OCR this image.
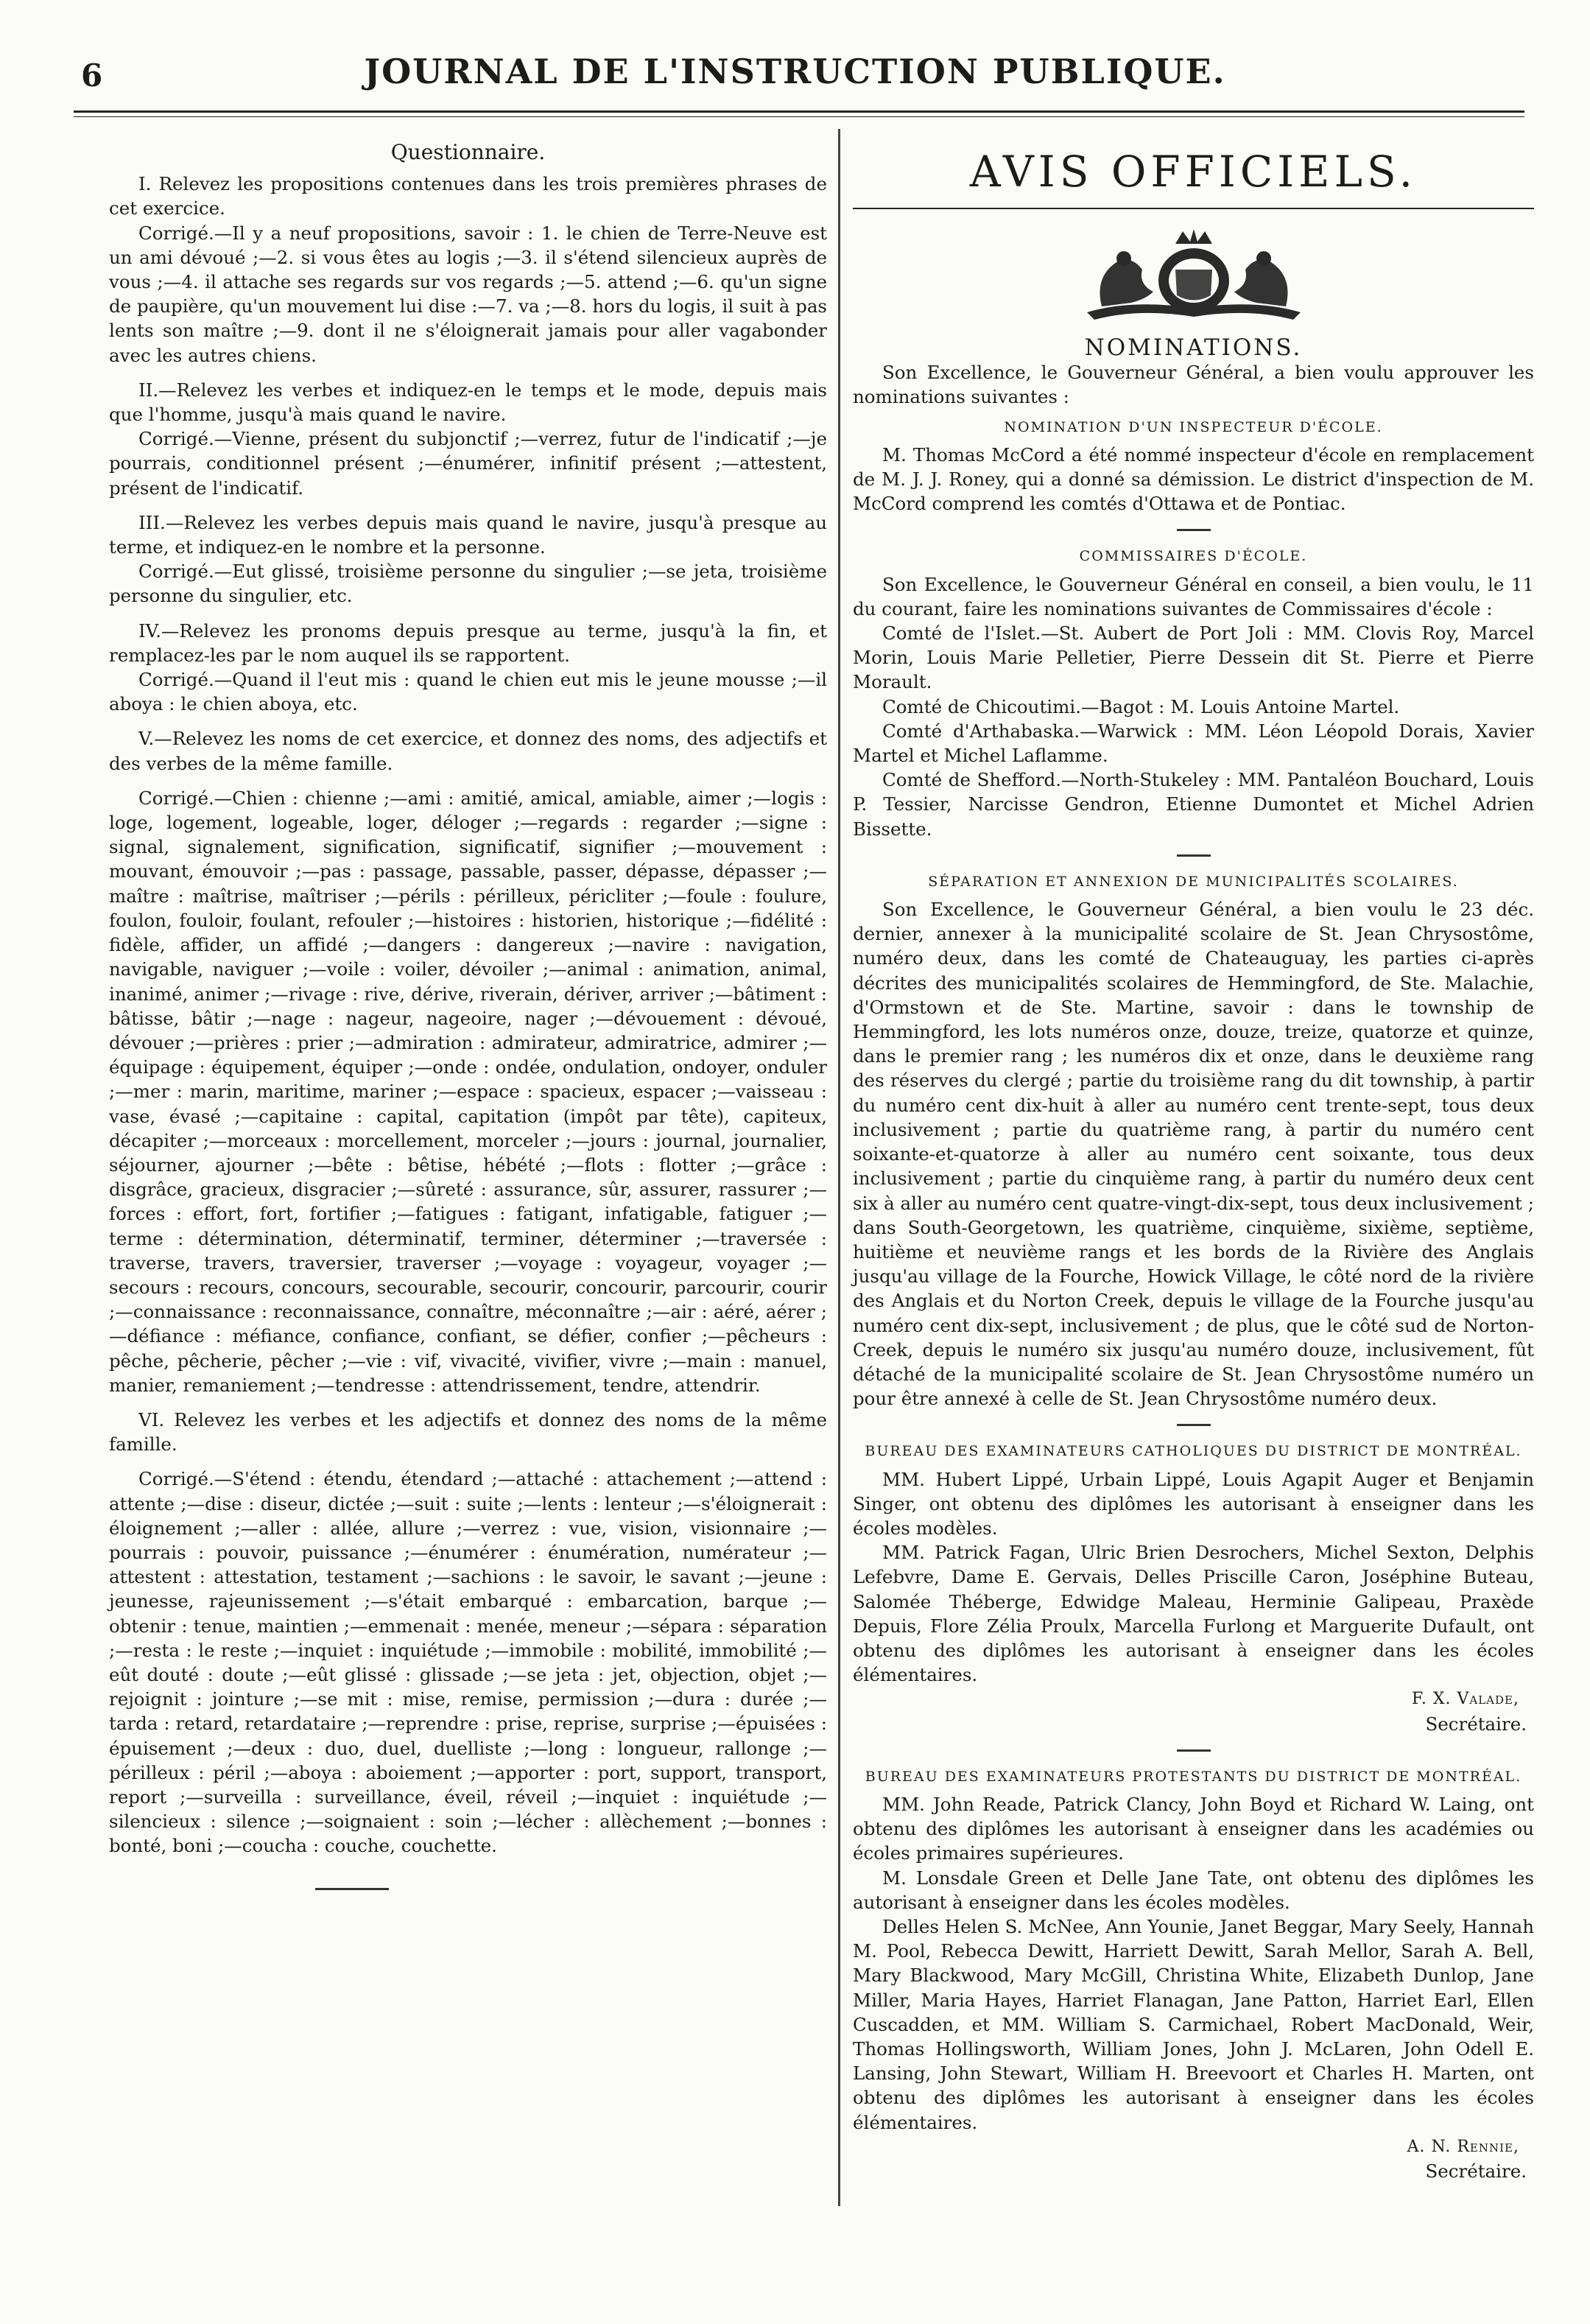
6	JOURNAL DE L'INSTRUCTION PUBLIQUE.

Questionnaire.

I. Relevez les propositions contenues dans les trois premières phrases de cet exercice.

Corrigé.—Il y a neuf propositions, savoir : 1. le chien de Terre-Neuve est un ami dévoué ;—2. si vous êtes au logis ;—3. il s'étend silencieux auprès de vous ;—4. il attache ses regards sur vos regards ;—5. attend ;—6. qu'un signe de paupière, qu'un mouvement lui dise :—7. va ;—8. hors du logis, il suit à pas lents son maître ;—9. dont il ne s'éloignerait jamais pour aller vagabonder avec les autres chiens.

II.—Relevez les verbes et indiquez-en le temps et le mode, depuis mais que l'homme, jusqu'à mais quand le navire.

Corrigé.—Vienne, présent du subjonctif ;—verrez, futur de l'indicatif ;—je pourrais, conditionnel présent ;—énumérer, infinitif présent ;—attestent, présent de l'indicatif.

III.—Relevez les verbes depuis mais quand le navire, jusqu'à presque au terme, et indiquez-en le nombre et la personne.

Corrigé.—Eut glissé, troisième personne du singulier ;—se jeta, troisième personne du singulier, etc.

IV.—Relevez les pronoms depuis presque au terme, jusqu'à la fin, et remplacez-les par le nom auquel ils se rapportent.

Corrigé.—Quand il l'eut mis : quand le chien eut mis le jeune mousse ;—il aboya : le chien aboya, etc.

V.—Relevez les noms de cet exercice, et donnez des noms, des adjectifs et des verbes de la même famille.

Corrigé.—Chien : chienne ;—ami : amitié, amical, amiable, aimer ;—logis : loge, logement, logeable, loger, déloger ;—regards : regarder ;—signe : signal, signalement, signification, significatif, signifier ;—mouvement : mouvant, émouvoir ;—pas : passage, passable, passer, dépasse, dépasser ;—maître : maîtrise, maîtriser ;—périls : périlleux, péricliter ;—foule : foulure, foulon, fouloir, foulant, refouler ;—histoires : historien, historique ;—fidélité : fidèle, affider, un affidé ;—dangers : dangereux ;—navire : navigation, navigable, naviguer ;—voile : voiler, dévoiler ;—animal : animation, animal, inanimé, animer ;—rivage : rive, dérive, riverain, dériver, arriver ;—bâtiment : bâtisse, bâtir ;—nage : nageur, nageoire, nager ;—dévouement : dévoué, dévouer ;—prières : prier ;—admiration : admirateur, admiratrice, admirer ;—équipage : équipement, équiper ;—onde : ondée, ondulation, ondoyer, onduler ;—mer : marin, maritime, mariner ;—espace : spacieux, espacer ;—vaisseau : vase, évasé ;—capitaine : capital, capitation (impôt par tête), capiteux, décapiter ;—morceaux : morcellement, morceler ;—jours : journal, journalier, séjourner, ajourner ;—bête : bêtise, hébété ;—flots : flotter ;—grâce : disgrâce, gracieux, disgracier ;—sûreté : assurance, sûr, assurer, rassurer ;—forces : effort, fort, fortifier ;—fatigues : fatigant, infatigable, fatiguer ;—terme : détermination, déterminatif, terminer, déterminer ;—traversée : traverse, travers, traversier, traverser ;—voyage : voyageur, voyager ;—secours : recours, concours, secourable, secourir, concourir, parcourir, courir ;—connaissance : reconnaissance, connaître, méconnaître ;—air : aéré, aérer ;—défiance : méfiance, confiance, confiant, se défier, confier ;—pêcheurs : pêche, pêcherie, pêcher ;—vie : vif, vivacité, vivifier, vivre ;—main : manuel, manier, remaniement ;—tendresse : attendrissement, tendre, attendrir.

VI. Relevez les verbes et les adjectifs et donnez des noms de la même famille.

Corrigé.—S'étend : étendu, étendard ;—attaché : attachement ;—attend : attente ;—dise : diseur, dictée ;—suit : suite ;—lents : lenteur ;—s'éloignerait : éloignement ;—aller : allée, allure ;—verrez : vue, vision, visionnaire ;—pourrais : pouvoir, puissance ;—énumérer : énumération, numérateur ;—attestent : attestation, testament ;—sachions : le savoir, le savant ;—jeune : jeunesse, rajeunissement ;—s'était embarqué : embarcation, barque ;—obtenir : tenue, maintien ;—emmenait : menée, meneur ;—sépara : séparation ;—resta : le reste ;—inquiet : inquiétude ;—immobile : mobilité, immobilité ;—eût douté : doute ;—eût glissé : glissade ;—se jeta : jet, objection, objet ;—rejoignit : jointure ;—se mit : mise, remise, permission ;—dura : durée ;—tarda : retard, retardataire ;—reprendre : prise, reprise, surprise ;—épuisées : épuisement ;—deux : duo, duel, duelliste ;—long : longueur, rallonge ;—périlleux : péril ;—aboya : aboiement ;—apporter : port, support, transport, report ;—surveilla : surveillance, éveil, réveil ;—inquiet : inquiétude ;—silencieux : silence ;—soignaient : soin ;—lécher : allèchement ;—bonnes : bonté, boni ;—coucha : couche, couchette.

AVIS OFFICIELS.
NOMINATIONS.

Son Excellence, le Gouverneur Général, a bien voulu approuver les nominations suivantes :

NOMINATION D'UN INSPECTEUR D'ÉCOLE.

M. Thomas McCord a été nommé inspecteur d'école en remplacement de M. J. J. Roney, qui a donné sa démission. Le district d'inspection de M. McCord comprend les comtés d'Ottawa et de Pontiac.

COMMISSAIRES D'ÉCOLE.

Son Excellence, le Gouverneur Général en conseil, a bien voulu, le 11 du courant, faire les nominations suivantes de Commissaires d'école :

Comté de l'Islet.—St. Aubert de Port Joli : MM. Clovis Roy, Marcel Morin, Louis Marie Pelletier, Pierre Dessein dit St. Pierre et Pierre Morault.

Comté de Chicoutimi.—Bagot : M. Louis Antoine Martel.

Comté d'Arthabaska.—Warwick : MM. Léon Léopold Dorais, Xavier Martel et Michel Laflamme.

Comté de Shefford.—North-Stukeley : MM. Pantaléon Bouchard, Louis P. Tessier, Narcisse Gendron, Etienne Dumontet et Michel Adrien Bissette.

SÉPARATION ET ANNEXION DE MUNICIPALITÉS SCOLAIRES.

Son Excellence, le Gouverneur Général, a bien voulu le 23 déc. dernier, annexer à la municipalité scolaire de St. Jean Chrysostôme, numéro deux, dans les comté de Chateauguay, les parties ci-après décrites des municipalités scolaires de Hemmingford, de Ste. Malachie, d'Ormstown et de Ste. Martine, savoir : dans le township de Hemmingford, les lots numéros onze, douze, treize, quatorze et quinze, dans le premier rang ; les numéros dix et onze, dans le deuxième rang des réserves du clergé ; partie du troisième rang du dit township, à partir du numéro cent dix-huit à aller au numéro cent trente-sept, tous deux inclusivement ; partie du quatrième rang, à partir du numéro cent soixante-et-quatorze à aller au numéro cent soixante, tous deux inclusivement ; partie du cinquième rang, à partir du numéro deux cent six à aller au numéro cent quatre-vingt-dix-sept, tous deux inclusivement ; dans South-Georgetown, les quatrième, cinquième, sixième, septième, huitième et neuvième rangs et les bords de la Rivière des Anglais jusqu'au village de la Fourche, Howick Village, le côté nord de la rivière des Anglais et du Norton Creek, depuis le village de la Fourche jusqu'au numéro cent dix-sept, inclusivement ; de plus, que le côté sud de Norton-Creek, depuis le numéro six jusqu'au numéro douze, inclusivement, fût détaché de la municipalité scolaire de St. Jean Chrysostôme numéro un pour être annexé à celle de St. Jean Chrysostôme numéro deux.

BUREAU DES EXAMINATEURS CATHOLIQUES DU DISTRICT DE MONTRÉAL.

MM. Hubert Lippé, Urbain Lippé, Louis Agapit Auger et Benjamin Singer, ont obtenu des diplômes les autorisant à enseigner dans les écoles modèles.

MM. Patrick Fagan, Ulric Brien Desrochers, Michel Sexton, Delphis Lefebvre, Dame E. Gervais, Delles Priscille Caron, Joséphine Buteau, Salomée Théberge, Edwidge Maleau, Herminie Galipeau, Praxède Depuis, Flore Zélia Proulx, Marcella Furlong et Marguerite Dufault, ont obtenu des diplômes les autorisant à enseigner dans les écoles élémentaires.

F. X. Valade,

Secrétaire.

BUREAU DES EXAMINATEURS PROTESTANTS DU DISTRICT DE MONTRÉAL.

MM. John Reade, Patrick Clancy, John Boyd et Richard W. Laing, ont obtenu des diplômes les autorisant à enseigner dans les académies ou écoles primaires supérieures.

M. Lonsdale Green et Delle Jane Tate, ont obtenu des diplômes les autorisant à enseigner dans les écoles modèles.

Delles Helen S. McNee, Ann Younie, Janet Beggar, Mary Seely, Hannah M. Pool, Rebecca Dewitt, Harriett Dewitt, Sarah Mellor, Sarah A. Bell, Mary Blackwood, Mary McGill, Christina White, Elizabeth Dunlop, Jane Miller, Maria Hayes, Harriet Flanagan, Jane Patton, Harriet Earl, Ellen Cuscadden, et MM. William S. Carmichael, Robert MacDonald, Weir, Thomas Hollingsworth, William Jones, John J. McLaren, John Odell E. Lansing, John Stewart, William H. Breevoort et Charles H. Marten, ont obtenu des diplômes les autorisant à enseigner dans les écoles élémentaires.

A. N. Rennie,

Secrétaire.
